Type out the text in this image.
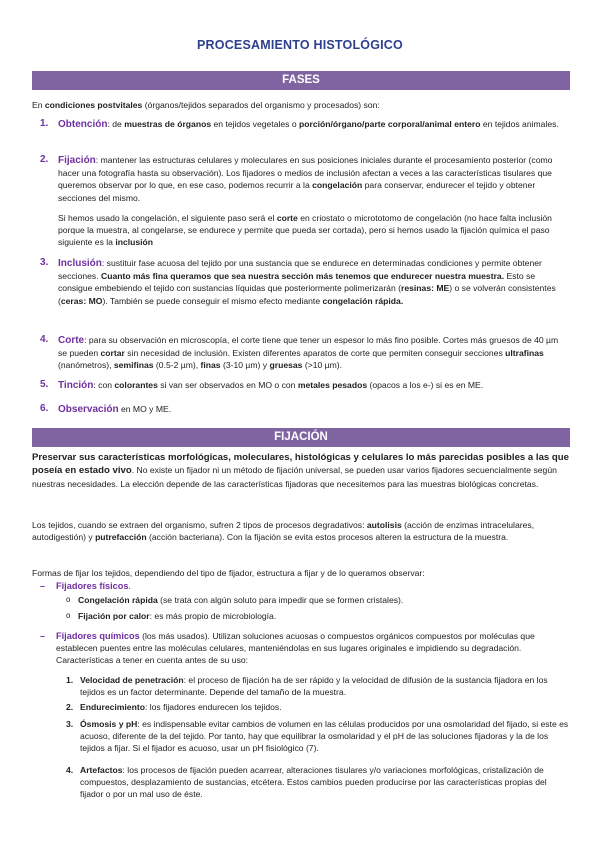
PROCESAMIENTO HISTOLÓGICO
FASES
En condiciones postvitales (órganos/tejidos separados del organismo y procesados) son:
1. Obtención: de muestras de órganos en tejidos vegetales o porción/órgano/parte corporal/animal entero en tejidos animales.
2. Fijación: mantener las estructuras celulares y moleculares en sus posiciones iniciales durante el procesamiento posterior (como hacer una fotografía hasta su observación). Los fijadores o medios de inclusión afectan a veces a las características tisulares que queremos observar por lo que, en ese caso, podemos recurrir a la congelación para conservar, endurecer el tejido y obtener secciones del mismo.
Si hemos usado la congelación, el siguiente paso será el corte en criostato o micrototomo de congelación (no hace falta inclusión porque la muestra, al congelarse, se endurece y permite que pueda ser cortada), pero si hemos usado la fijación química el paso siguiente es la inclusión
3. Inclusión: sustituir fase acuosa del tejido por una sustancia que se endurece en determinadas condiciones y permite obtener secciones. Cuanto más fina queramos que sea nuestra sección más tenemos que endurecer nuestra muestra. Esto se consigue embebiendo el tejido con sustancias líquidas que posteriormente polimerizarán (resinas: ME) o se volverán consistentes (ceras: MO). También se puede conseguir el mismo efecto mediante congelación rápida.
4. Corte: para su observación en microscopía, el corte tiene que tener un espesor lo más fino posible. Cortes más gruesos de 40 µm se pueden cortar sin necesidad de inclusión. Existen diferentes aparatos de corte que permiten conseguir secciones ultrafinas (nanómetros), semifinas (0.5-2 µm), finas (3-10 µm) y gruesas (>10 µm).
5. Tinción: con colorantes si van ser observados en MO o con metales pesados (opacos a los e-) si es en ME.
6. Observación en MO y ME.
FIJACIÓN
Preservar sus características morfológicas, moleculares, histológicas y celulares lo más parecidas posibles a las que poseía en estado vivo. No existe un fijador ni un método de fijación universal, se pueden usar varios fijadores secuencialmente según nuestras necesidades. La elección depende de las características fijadoras que necesitemos para las muestras biológicas concretas.
Los tejidos, cuando se extraen del organismo, sufren 2 tipos de procesos degradativos: autolisis (acción de enzimas intracelulares, autodigestión) y putrefacción (acción bacteriana). Con la fijación se evita estos procesos alteren la estructura de la muestra.
Formas de fijar los tejidos, dependiendo del tipo de fijador, estructura a fijar y de lo queramos observar:
– Fijadores físicos.
o Congelación rápida (se trata con algún soluto para impedir que se formen cristales).
o Fijación por calor: es más propio de microbiología.
– Fijadores químicos (los más usados). Utilizan soluciones acuosas o compuestos orgánicos compuestos por moléculas que establecen puentes entre las moléculas celulares, manteniéndolas en sus lugares originales e impidiendo su degradación. Características a tener en cuenta antes de su uso:
1. Velocidad de penetración: el proceso de fijación ha de ser rápido y la velocidad de difusión de la sustancia fijadora en los tejidos es un factor determinante. Depende del tamaño de la muestra.
2. Endurecimiento: los fijadores endurecen los tejidos.
3. Ósmosis y pH: es indispensable evitar cambios de volumen en las células producidos por una osmolaridad del fijado, si este es acuoso, diferente de la del tejido. Por tanto, hay que equilibrar la osmolaridad y el pH de las soluciones fijadoras y la de los tejidos a fijar. Si el fijador es acuoso, usar un pH fisiológico (7).
4. Artefactos: los procesos de fijación pueden acarrear, alteraciones tisulares y/o variaciones morfológicas, cristalización de compuestos, desplazamiento de sustancias, etcétera. Estos cambios pueden producirse por las características propias del fijador o por un mal uso de éste.
